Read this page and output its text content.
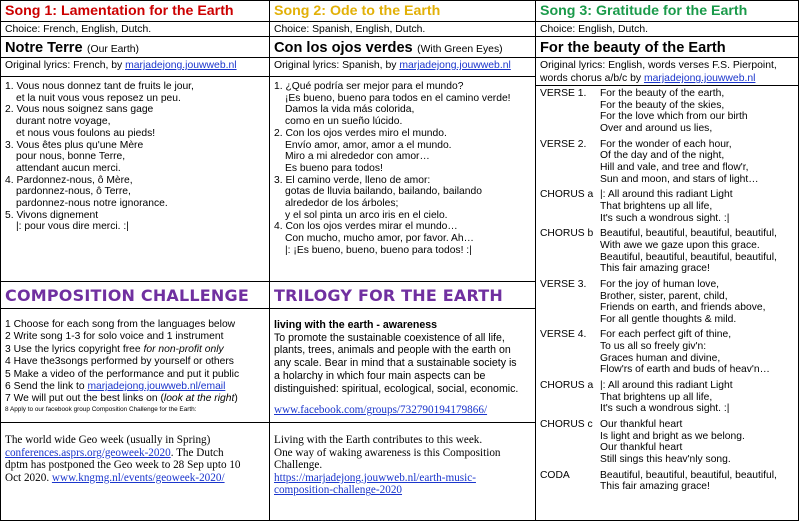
Song 1: Lamentation for the Earth
Choice: French, English, Dutch.
Notre Terre (Our Earth)
Original lyrics: French, by marjadejong.jouwweb.nl
1. Vous nous donnez tant de fruits le jour,
et la nuit vous vous reposez un peu.
2. Vous nous soignez sans gage
durant notre voyage,
et nous vous foulons au pieds!
3. Vous êtes plus qu'une Mère
pour nous, bonne Terre,
attendant aucun merci.
4. Pardonnez-nous, ô Mère,
pardonnez-nous, ô Terre,
pardonnez-nous notre ignorance.
5. Vivons dignement
|: pour vous dire merci. :|
COMPOSITION CHALLENGE
1 Choose for each song from the languages below
2 Write song 1-3 for solo voice and 1 instrument
3 Use the lyrics copyright free for non-profit only
4 Have the3songs performed by yourself or others
5 Make a video of the performance and put it public
6 Send the link to marjadejong.jouwweb.nl/email
7 We will put out the best links on (look at the right)
8 Apply to our facebook group Composition Challenge for the Earth:
The world wide Geo week (usually in Spring)
conferences.asprs.org/geoweek-2020. The Dutch
dptm has postponed the Geo week to 28 Sep upto 10
Oct 2020. www.kngmg.nl/events/geoweek-2020/
Song 2: Ode to the Earth
Choice: Spanish, English, Dutch.
Con los ojos verdes (With Green Eyes)
Original lyrics: Spanish, by marjadejong.jouwweb.nl
1. ¿Qué podría ser mejor para el mundo?
¡Es bueno, bueno para todos en el camino verde!
Damos la vida más colorida,
como en un sueño lúcido.
2. Con los ojos verdes miro el mundo.
Envío amor, amor, amor a el mundo.
Miro a mi alrededor con amor…
Es bueno para todos!
3. El camino verde, lleno de amor:
gotas de lluvia bailando, bailando, bailando
alrededor de los árboles;
y el sol pinta un arco iris en el cielo.
4. Con los ojos verdes mirar el mundo…
Con mucho, mucho amor, por favor. Ah…
|: ¡Es bueno, bueno, bueno para todos! :|
TRILOGY FOR THE EARTH
living with the earth - awareness
To promote the sustainable coexistence of all life,
plants, trees, animals and people with the earth on
any scale. Bear in mind that a sustainable society is
a holarchy in which four main aspects can be
distinguished: spiritual, ecological, social, economic.
www.facebook.com/groups/732790194179866/
Living with the Earth contributes to this week.
One way of waking awareness is this Composition
Challenge.
https://marjadejong.jouwweb.nl/earth-music-
composition-challenge-2020
Song 3: Gratitude for the Earth
Choice: English, Dutch.
For the beauty of the Earth
Original lyrics: English, words verses F.S. Pierpoint,
words chorus a/b/c by marjadejong.jouwweb.nl
VERSE 1.	For the beauty of the earth,
For the beauty of the skies,
For the love which from our birth
Over and around us lies,
VERSE 2.	For the wonder of each hour,
Of the day and of the night,
Hill and vale, and tree and flow'r,
Sun and moon, and stars of light…
CHORUS a |: All around this radiant Light
That brightens up all life,
It's such a wondrous sight. :|
CHORUS b Beautiful, beautiful, beautiful, beautiful,
With awe we gaze upon this grace.
Beautiful, beautiful, beautiful, beautiful,
This fair amazing grace!
VERSE 3.	For the joy of human love,
Brother, sister, parent, child,
Friends on earth, and friends above,
For all gentle thoughts & mild.
VERSE 4.	For each perfect gift of thine,
To us all so freely giv'n:
Graces human and divine,
Flow'rs of earth and buds of heav'n…
CHORUS a |: All around this radiant Light
That brightens up all life,
It's such a wondrous sight. :|
CHORUS c Our thankful heart
Is light and bright as we belong.
Our thankful heart
Still sings this heav'nly song.
CODA	Beautiful, beautiful, beautiful, beautiful,
This fair amazing grace!
